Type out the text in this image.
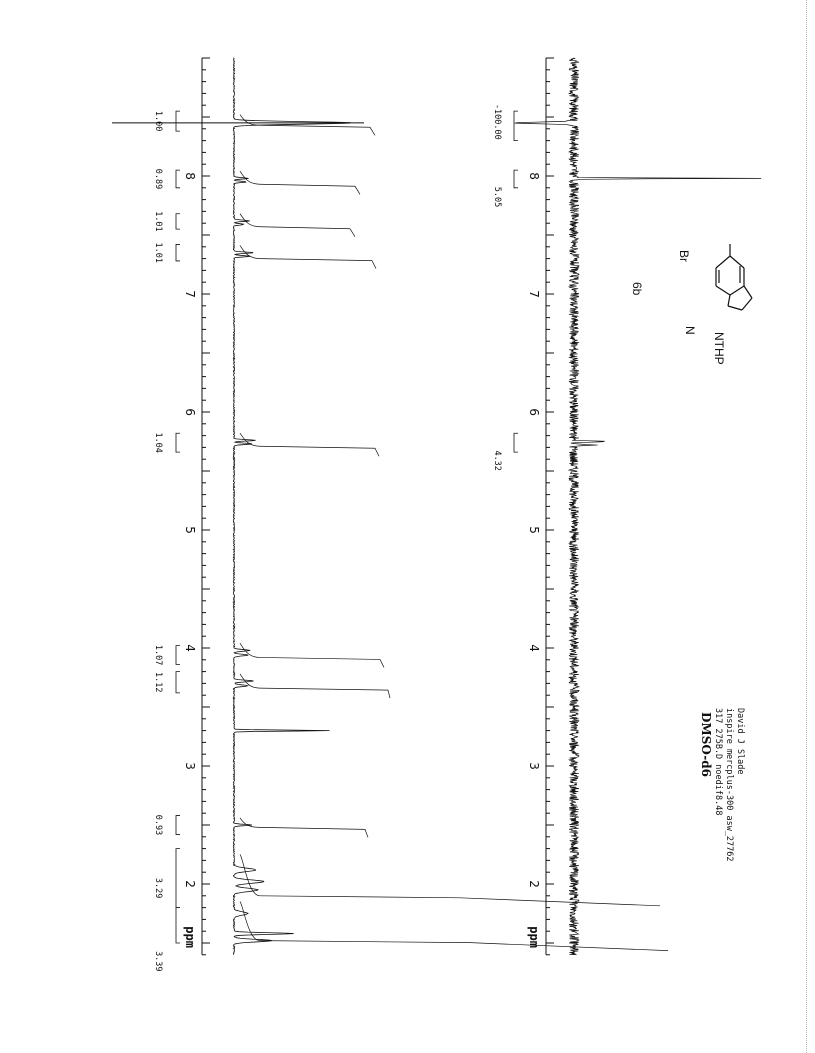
8
7
6
5
4
3
2
ppm
8
7
6
5
4
3
2
ppm
1.00
0.89
1.01
1.01
1.04
1.07
1.12
0.93
3.29
3.39
-100.00
5.05
4.32
6b
Br
N
NTHP
David J Slade
inspire mercplus-300 asw_27762
317 275B.D noedif8.48
DMSO-d6
